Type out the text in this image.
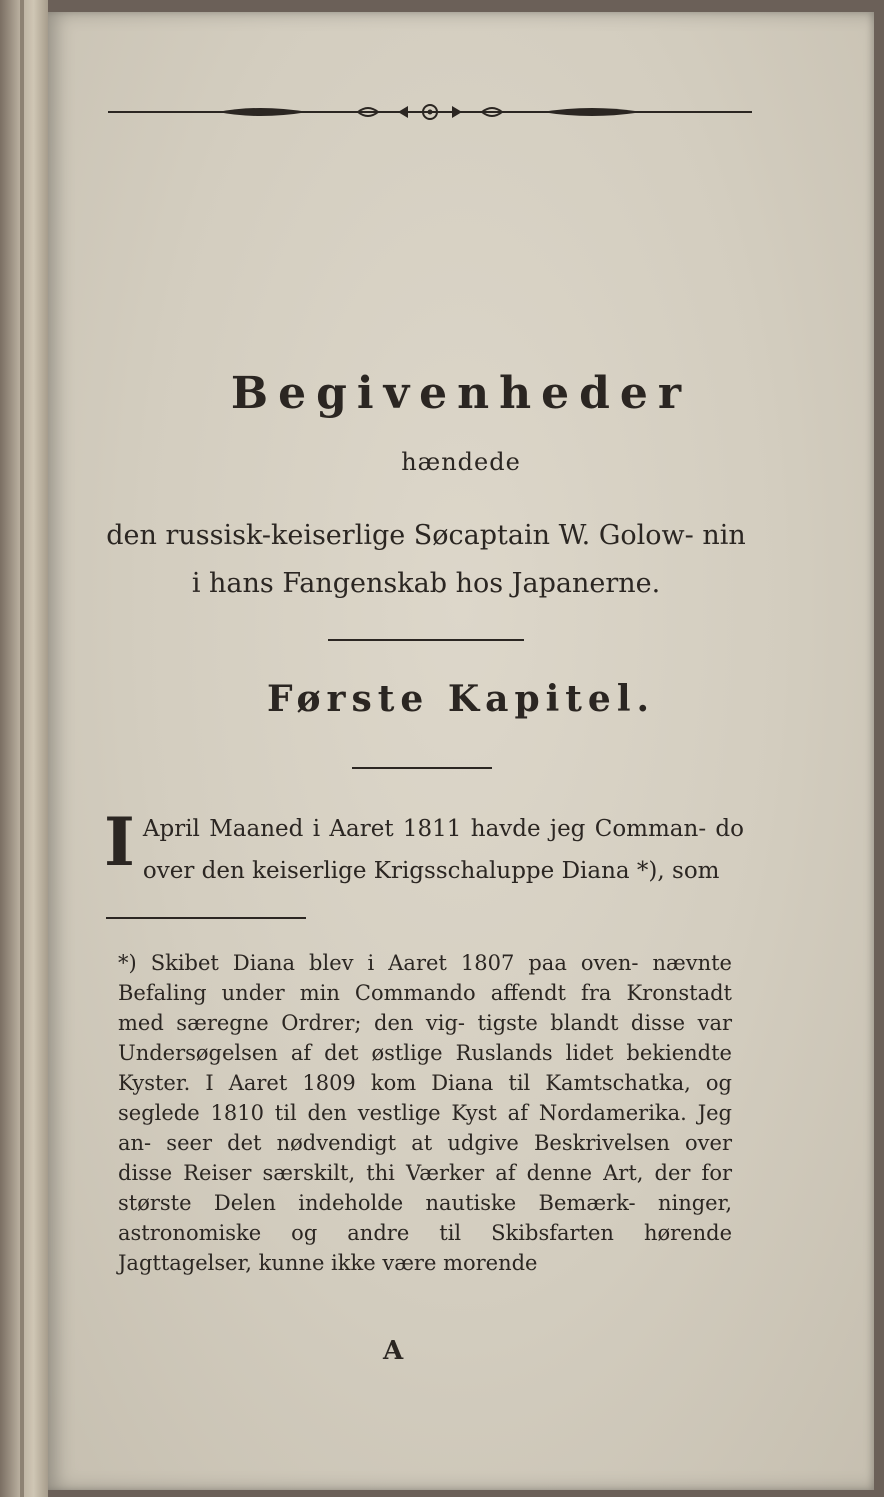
Begivenheder
hændede
den russisk-keiserlige Søcaptain W. Golow- nin i hans Fangenskab hos Japanerne.
Første Kapitel.
I April Maaned i Aaret 1811 havde jeg Comman- do over den keiserlige Krigsschaluppe Diana *), som
*) Skibet Diana blev i Aaret 1807 paa oven- nævnte Befaling under min Commando affendt fra Kronstadt med særegne Ordrer; den vig- tigste blandt disse var Undersøgelsen af det østlige Ruslands lidet bekiendte Kyster. I Aaret 1809 kom Diana til Kamtschatka, og seglede 1810 til den vestlige Kyst af Nordamerika. Jeg an- seer det nødvendigt at udgive Beskrivelsen over disse Reiser særskilt, thi Værker af denne Art, der for største Delen indeholde nautiske Bemærk- ninger, astronomiske og andre til Skibsfarten hørende Jagttagelser, kunne ikke være morende
A
